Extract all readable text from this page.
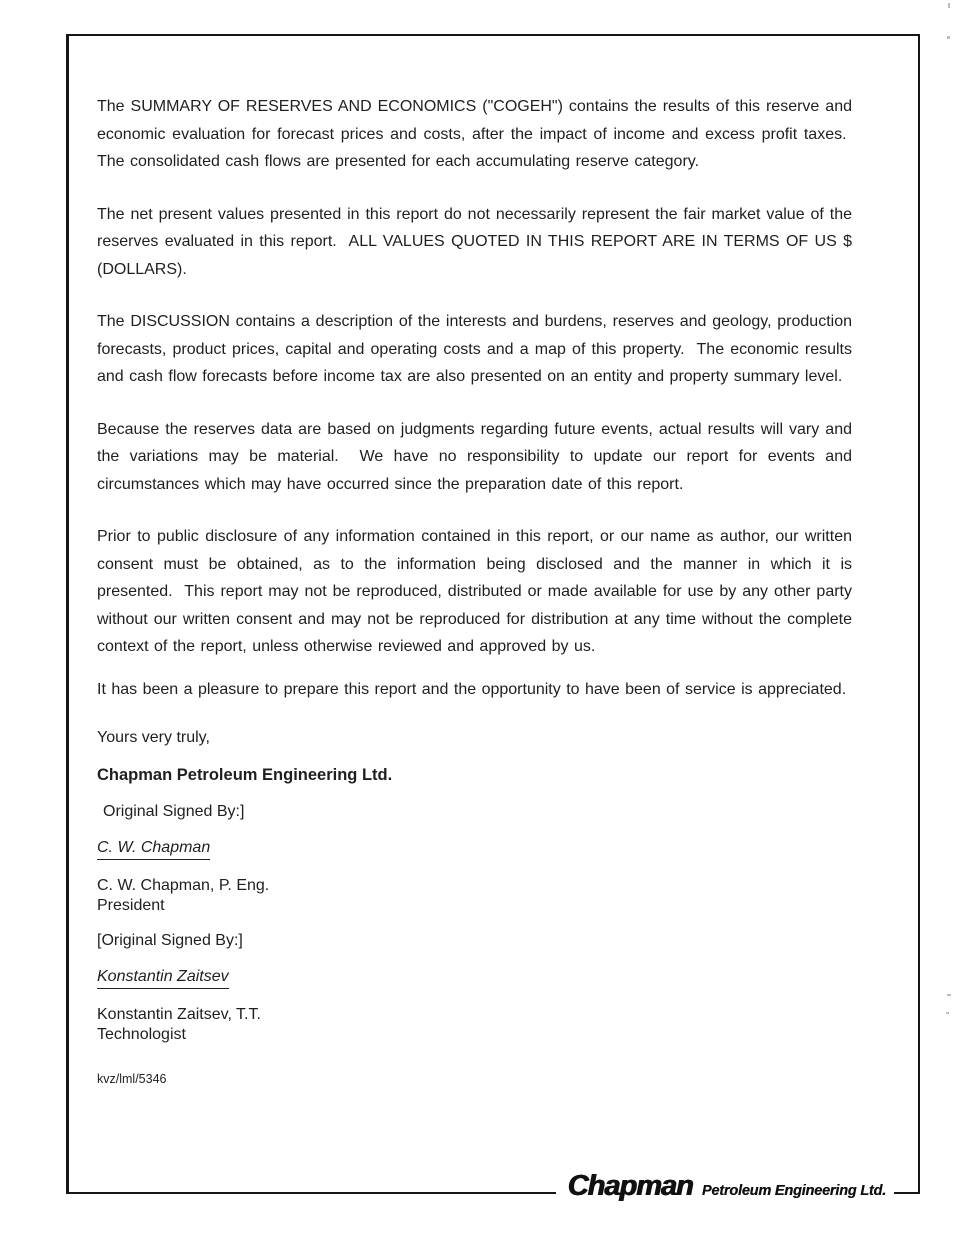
The SUMMARY OF RESERVES AND ECONOMICS ("COGEH") contains the results of this reserve and economic evaluation for forecast prices and costs, after the impact of income and excess profit taxes.  The consolidated cash flows are presented for each accumulating reserve category.

The net present values presented in this report do not necessarily represent the fair market value of the reserves evaluated in this report.  ALL VALUES QUOTED IN THIS REPORT ARE IN TERMS OF US $ (DOLLARS).

The DISCUSSION contains a description of the interests and burdens, reserves and geology, production forecasts, product prices, capital and operating costs and a map of this property.  The economic results and cash flow forecasts before income tax are also presented on an entity and property summary level.

Because the reserves data are based on judgments regarding future events, actual results will vary and the variations may be material.  We have no responsibility to update our report for events and circumstances which may have occurred since the preparation date of this report.

Prior to public disclosure of any information contained in this report, or our name as author, our written consent must be obtained, as to the information being disclosed and the manner in which it is presented.  This report may not be reproduced, distributed or made available for use by any other party without our written consent and may not be reproduced for distribution at any time without the complete context of the report, unless otherwise reviewed and approved by us.

It has been a pleasure to prepare this report and the opportunity to have been of service is appreciated.

Yours very truly,

Chapman Petroleum Engineering Ltd.

Original Signed By:]

C. W. Chapman

C. W. Chapman, P. Eng.
President

[Original Signed By:]

Konstantin Zaitsev

Konstantin Zaitsev, T.T.
Technologist

kvz/lml/5346

Chapman Petroleum Engineering Ltd.
